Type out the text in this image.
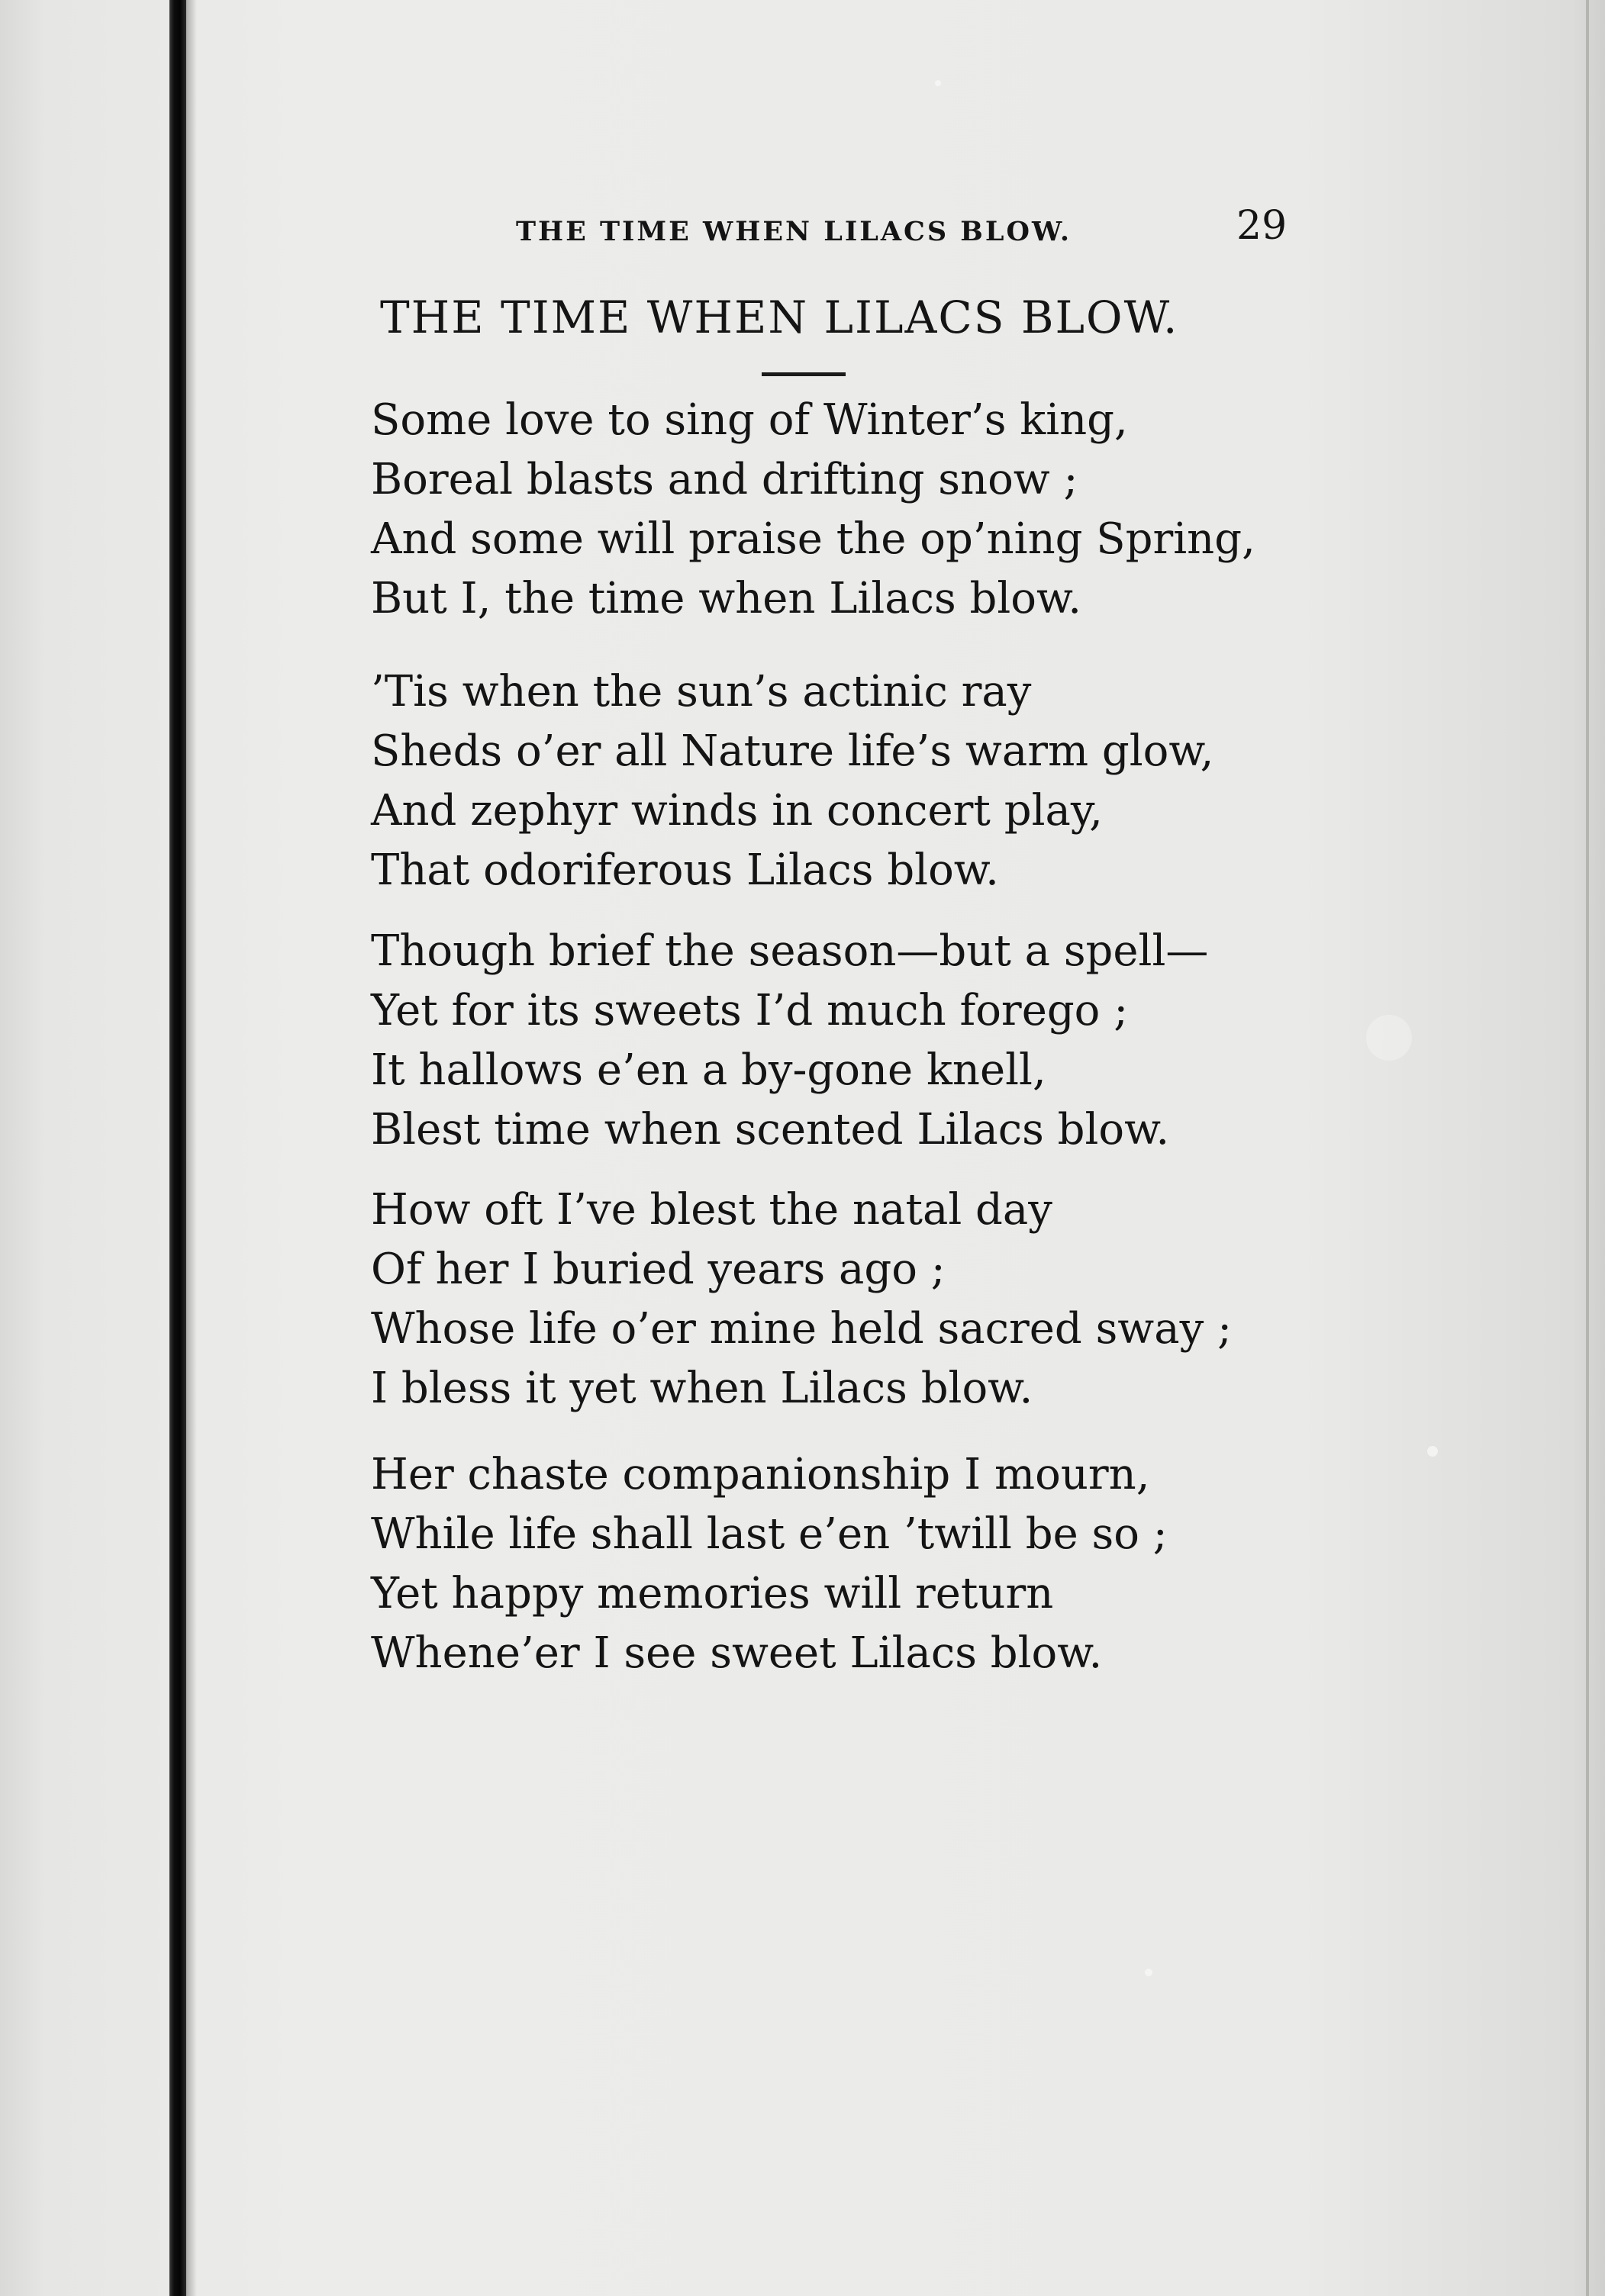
THE TIME WHEN LILACS BLOW.	29
THE TIME WHEN LILACS BLOW.
Some love to sing of Winter’s king,
Boreal blasts and drifting snow ;
And some will praise the op’ning Spring,
But I, the time when Lilacs blow.
’Tis when the sun’s actinic ray
Sheds o’er all Nature life’s warm glow,
And zephyr winds in concert play,
That odoriferous Lilacs blow.
Though brief the season—but a spell—
Yet for its sweets I’d much forego ;
It hallows e’en a by-gone knell,
Blest time when scented Lilacs blow.
How oft I’ve blest the natal day
Of her I buried years ago ;
Whose life o’er mine held sacred sway ;
I bless it yet when Lilacs blow.
Her chaste companionship I mourn,
While life shall last e’en ’twill be so ;
Yet happy memories will return
Whene’er I see sweet Lilacs blow.
